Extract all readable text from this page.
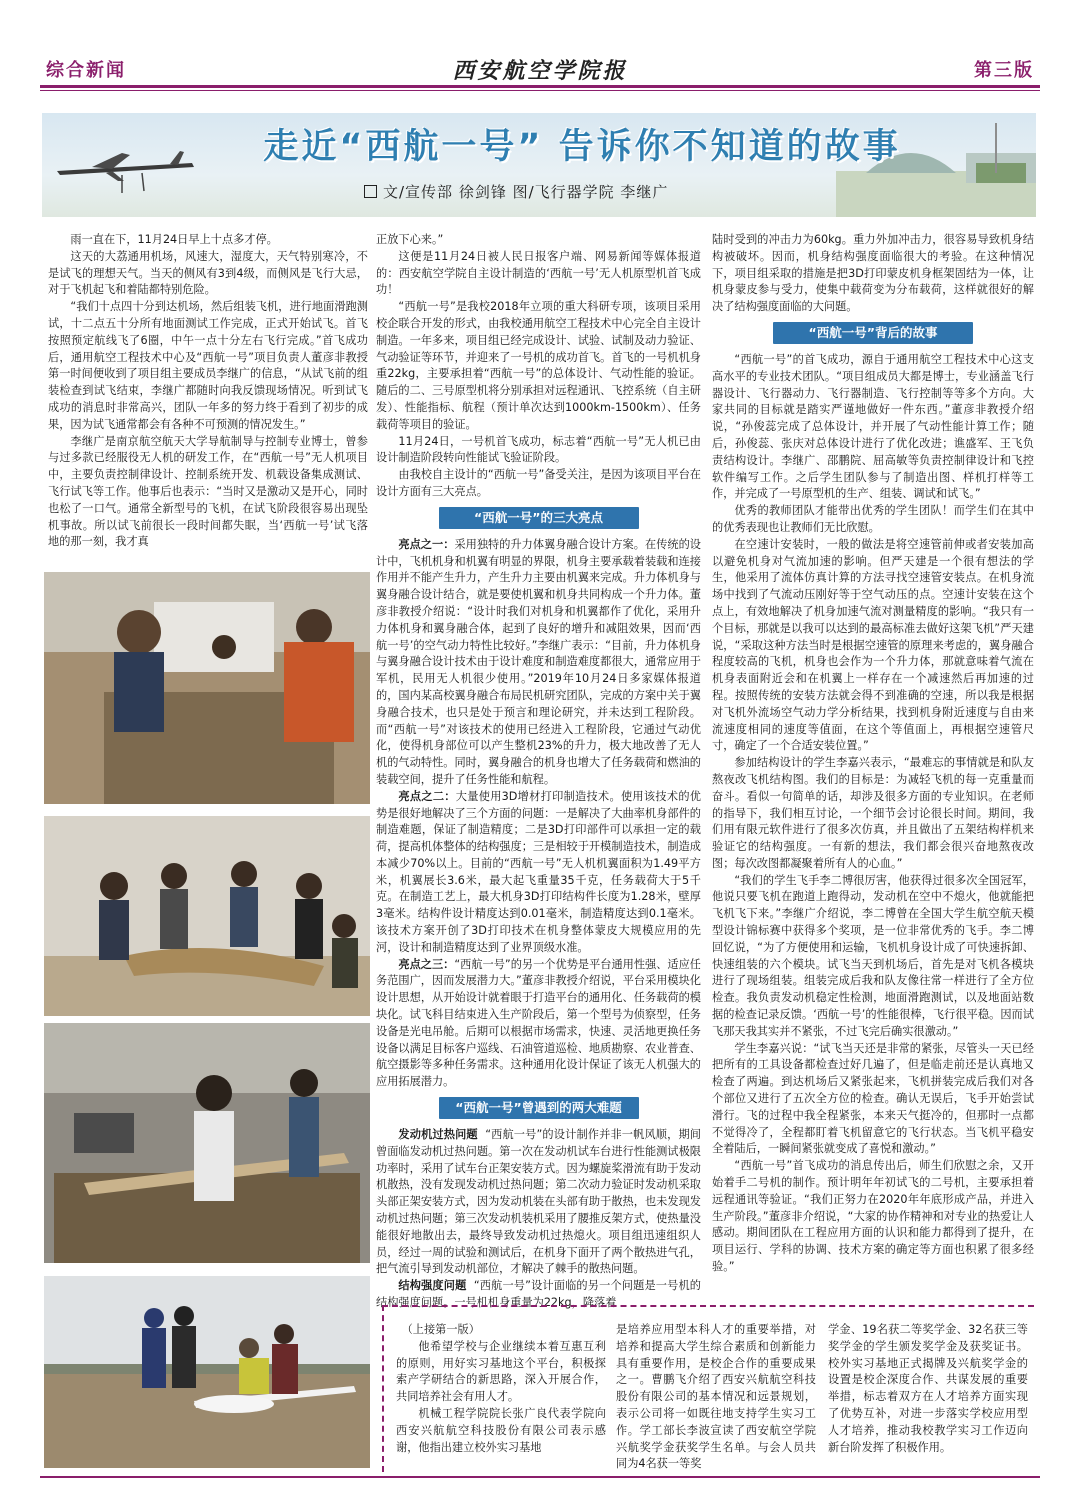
综合新闻	西安航空学院报	第三版
走近“西航一号” 告诉你不知道的故事
文/宣传部 徐剑锋 图/飞行器学院 李继广

雨一直在下，11月24日早上十点多才停。

这天的大荔通用机场，风速大，湿度大，天气特别寒冷，不是试飞的理想天气。当天的侧风有3到4级，而侧风是飞行大忌，对于飞机起飞和着陆都特别危险。

“我们十点四十分到达机场，然后组装飞机，进行地面滑跑测试，十二点五十分所有地面测试工作完成，正式开始试飞。首飞按照预定航线飞了6圈，中午一点十分左右飞行完成。”首飞成功后，通用航空工程技术中心及“西航一号”项目负责人董彦非教授第一时间便收到了项目组主要成员李继广的信息，“从试飞前的组装检查到试飞结束，李继广都随时向我反馈现场情况。听到试飞成功的消息时非常高兴，团队一年多的努力终于看到了初步的成果，因为试飞通常都会有各种不可预测的情况发生。”

李继广是南京航空航天大学导航制导与控制专业博士，曾参与过多款已经服役无人机的研发工作，在“西航一号”无人机项目中，主要负责控制律设计、控制系统开发、机载设备集成测试、飞行试飞等工作。他事后也表示：“当时又是激动又是开心，同时也松了一口气。通常全新型号的飞机，在试飞阶段很容易出现坠机事故。所以试飞前很长一段时间都失眠，当‘西航一号’试飞落地的那一刻，我才真

正放下心来。”

这便是11月24日被人民日报客户端、网易新闻等媒体报道的：西安航空学院自主设计制造的‘西航一号’无人机原型机首飞成功！

“西航一号”是我校2018年立项的重大科研专项，该项目采用校企联合开发的形式，由我校通用航空工程技术中心完全自主设计制造。一年多来，项目组已经完成设计、试验、试制及动力验证、气动验证等环节，并迎来了一号机的成功首飞。首飞的一号机机身重22kg，主要承担着“西航一号”的总体设计、气动性能的验证。随后的二、三号原型机将分别承担对远程通讯、飞控系统（自主研发）、性能指标、航程（预计单次达到1000km-1500km）、任务载荷等项目的验证。

11月24日，一号机首飞成功，标志着“西航一号”无人机已由设计制造阶段转向性能试飞验证阶段。

由我校自主设计的“西航一号”备受关注，是因为该项目平台在设计方面有三大亮点。

“西航一号”的三大亮点

亮点之一：采用独特的升力体翼身融合设计方案。在传统的设计中，飞机机身和机翼有明显的界限，机身主要承载着装载和连接作用并不能产生升力，产生升力主要由机翼来完成。升力体机身与翼身融合设计结合，就是要使机翼和机身共同构成一个升力体。董彦非教授介绍说：“设计时我们对机身和机翼都作了优化，采用升力体机身和翼身融合体，起到了良好的增升和减阻效果，因而‘西航一号’的空气动力特性比较好。”李继广表示：“目前，升力体机身与翼身融合设计技术由于设计难度和制造难度都很大，通常应用于军机，民用无人机很少使用。”2019年10月24日多家媒体报道的，国内某高校翼身融合布局民机研究团队，完成的方案中关于翼身融合技术，也只是处于预言和理论研究，并未达到工程阶段。而“西航一号”对该技术的使用已经进入工程阶段，它通过气动优化，使得机身部位可以产生整机23%的升力，极大地改善了无人机的气动特性。同时，翼身融合的机身也增大了任务载荷和燃油的装载空间，提升了任务性能和航程。

亮点之二：大量使用3D增材打印制造技术。使用该技术的优势是很好地解决了三个方面的问题：一是解决了大曲率机身部件的制造难题，保证了制造精度；二是3D打印部件可以承担一定的载荷，提高机体整体的结构强度；三是相较于开模制造技术，制造成本减少70%以上。目前的“西航一号”无人机机翼面积为1.49平方米，机翼展长3.6米，最大起飞重量35千克，任务载荷大于5千克。在制造工艺上，最大机身3D打印结构件长度为1.28米，壁厚3毫米。结构件设计精度达到0.01毫米，制造精度达到0.1毫米。该技术方案开创了3D打印技术在机身整体蒙皮大规模应用的先河，设计和制造精度达到了业界顶级水准。

亮点之三：“西航一号”的另一个优势是平台通用性强、适应任务范围广，因而发展潜力大。”董彦非教授介绍说，平台采用模块化设计思想，从开始设计就着眼于打造平台的通用化、任务载荷的模块化。试飞科目结束进入生产阶段后，第一个型号为侦察型，任务设备是光电吊舱。后期可以根据市场需求，快速、灵活地更换任务设备以满足目标客户巡线、石油管道巡检、地质勘察、农业普查、航空摄影等多种任务需求。这种通用化设计保证了该无人机强大的应用拓展潜力。

“西航一号”曾遇到的两大难题

发动机过热问题 “西航一号”的设计制作并非一帆风顺，期间曾面临发动机过热问题。第一次在发动机试车台进行性能测试极限功率时，采用了试车台正架安装方式。因为螺旋桨滑流有助于发动机散热，没有发现发动机过热问题；第二次动力验证时发动机采取头部正架安装方式，因为发动机装在头部有助于散热，也未发现发动机过热问题；第三次发动机装机采用了腰推反架方式，使热量没能很好地散出去，最终导致发动机过热熄火。项目组迅速组织人员，经过一周的试验和测试后，在机身下面开了两个散热进气孔，把气流引导到发动机部位，才解决了棘手的散热问题。

结构强度问题 “西航一号”设计面临的另一个问题是一号机的结构强度问题。一号机机身重量为22kg，降落着

陆时受到的冲击力为60kg。重力外加冲击力，很容易导致机身结构被破坏。因而，机身结构强度面临很大的考验。在这种情况下，项目组采取的措施是把3D打印蒙皮机身框架固结为一体，让机身蒙皮参与受力，使集中载荷变为分布载荷，这样就很好的解决了结构强度面临的大问题。

“西航一号”背后的故事

“西航一号”的首飞成功，源自于通用航空工程技术中心这支高水平的专业技术团队。“项目组成员大都是博士，专业涵盖飞行器设计、飞行器动力、飞行器制造、飞行控制等等多个方向。大家共同的目标就是踏实严谨地做好一件东西。”董彦非教授介绍说，“孙俊蕊完成了总体设计，并开展了气动性能计算工作；随后，孙俊蕊、张庆对总体设计进行了优化改进；谯盛军、王飞负责结构设计。李继广、邵鹏院、屈高敏等负责控制律设计和飞控软件编写工作。之后学生团队参与了制造出图、样机打样等工作，并完成了一号原型机的生产、组装、调试和试飞。”

优秀的教师团队才能带出优秀的学生团队！而学生们在其中的优秀表现也让教师们无比欣慰。

在空速计安装时，一般的做法是将空速管前伸或者安装加高以避免机身对气流加速的影响。但严天建是一个很有想法的学生，他采用了流体仿真计算的方法寻找空速管安装点。在机身流场中找到了气流动压刚好等于空气动压的点。空速计安装在这个点上，有效地解决了机身加速气流对测量精度的影响。“我只有一个目标，那就是以我可以达到的最高标准去做好这架飞机”严天建说，“采取这种方法当时是根据空速管的原理来考虑的，翼身融合程度较高的飞机，机身也会作为一个升力体，那就意味着气流在机身表面附近会和在机翼上一样存在一个减速然后再加速的过程。按照传统的安装方法就会得不到准确的空速，所以我是根据对飞机外流场空气动力学分析结果，找到机身附近速度与自由来流速度相同的速度等值面，在这个等值面上，再根据空速管尺寸，确定了一个合适安装位置。”

参加结构设计的学生李嘉兴表示，“最难忘的事情就是和队友熬夜改飞机结构图。我们的目标是：为减轻飞机的每一克重量而奋斗。看似一句简单的话，却涉及很多方面的专业知识。在老师的指导下，我们相互讨论，一个细节会讨论很长时间。期间，我们用有限元软件进行了很多次仿真，并且做出了五架结构样机来验证它的结构强度。一有新的想法，我们都会很兴奋地熬夜改图；每次改图都凝聚着所有人的心血。”

“我们的学生飞手李二博很厉害，他获得过很多次全国冠军，他说只要飞机在跑道上跑得动，发动机在空中不熄火，他就能把飞机飞下来。”李继广介绍说，李二博曾在全国大学生航空航天模型设计锦标赛中获得多个奖项，是一位非常优秀的飞手。李二博回忆说，“为了方便使用和运输，飞机机身设计成了可快速拆卸、快速组装的六个模块。试飞当天到机场后，首先是对飞机各模块进行了现场组装。组装完成后我和队友像往常一样进行了全方位检查。我负责发动机稳定性检测，地面滑跑测试，以及地面站数据的检查记录反馈。‘西航一号’的性能很棒，飞行很平稳。因而试飞那天我其实并不紧张，不过飞完后确实很激动。”

学生李嘉兴说：“试飞当天还是非常的紧张，尽管头一天已经把所有的工具设备都检查过好几遍了，但是临走前还是认真地又检查了两遍。到达机场后又紧张起来，飞机拼装完成后我们对各个部位又进行了五次全方位的检查。确认无误后，飞手开始尝试滑行。飞的过程中我全程紧张，本来天气挺冷的，但那时一点都不觉得冷了，全程都盯着飞机留意它的飞行状态。当飞机平稳安全着陆后，一瞬间紧张就变成了喜悦和激动。”

“西航一号”首飞成功的消息传出后，师生们欣慰之余，又开始着手二号机的制作。预计明年年初试飞的二号机，主要承担着远程通讯等验证。“我们正努力在2020年年底形成产品，并进入生产阶段。”董彦非介绍说，“大家的协作精神和对专业的热爱让人感动。期间团队在工程应用方面的认识和能力都得到了提升，在项目运行、学科的协调、技术方案的确定等方面也积累了很多经验。”

（上接第一版）

他希望学校与企业继续本着互惠互利的原则，用好实习基地这个平台，积极探索产学研结合的新思路，深入开展合作，共同培养社会有用人才。

机械工程学院院长张广良代表学院向西安兴航航空科技股份有限公司表示感谢，他指出建立校外实习基地

是培养应用型本科人才的重要举措，对培养和提高大学生综合素质和创新能力具有重要作用，是校企合作的重要成果之一。曹鹏飞介绍了西安兴航航空科技股份有限公司的基本情况和远景规划，表示公司将一如既往地支持学生实习工作。学工部长李波宣读了西安航空学院兴航奖学金获奖学生名单。与会人员共同为4名获一等奖

学金、19名获二等奖学金、32名获三等奖学金的学生颁发奖学金及获奖证书。校外实习基地正式揭牌及兴航奖学金的设置是校企深度合作、共谋发展的重要举措，标志着双方在人才培养方面实现了优势互补，对进一步落实学校应用型人才培养，推动我校教学实习工作迈向新台阶发挥了积极作用。
